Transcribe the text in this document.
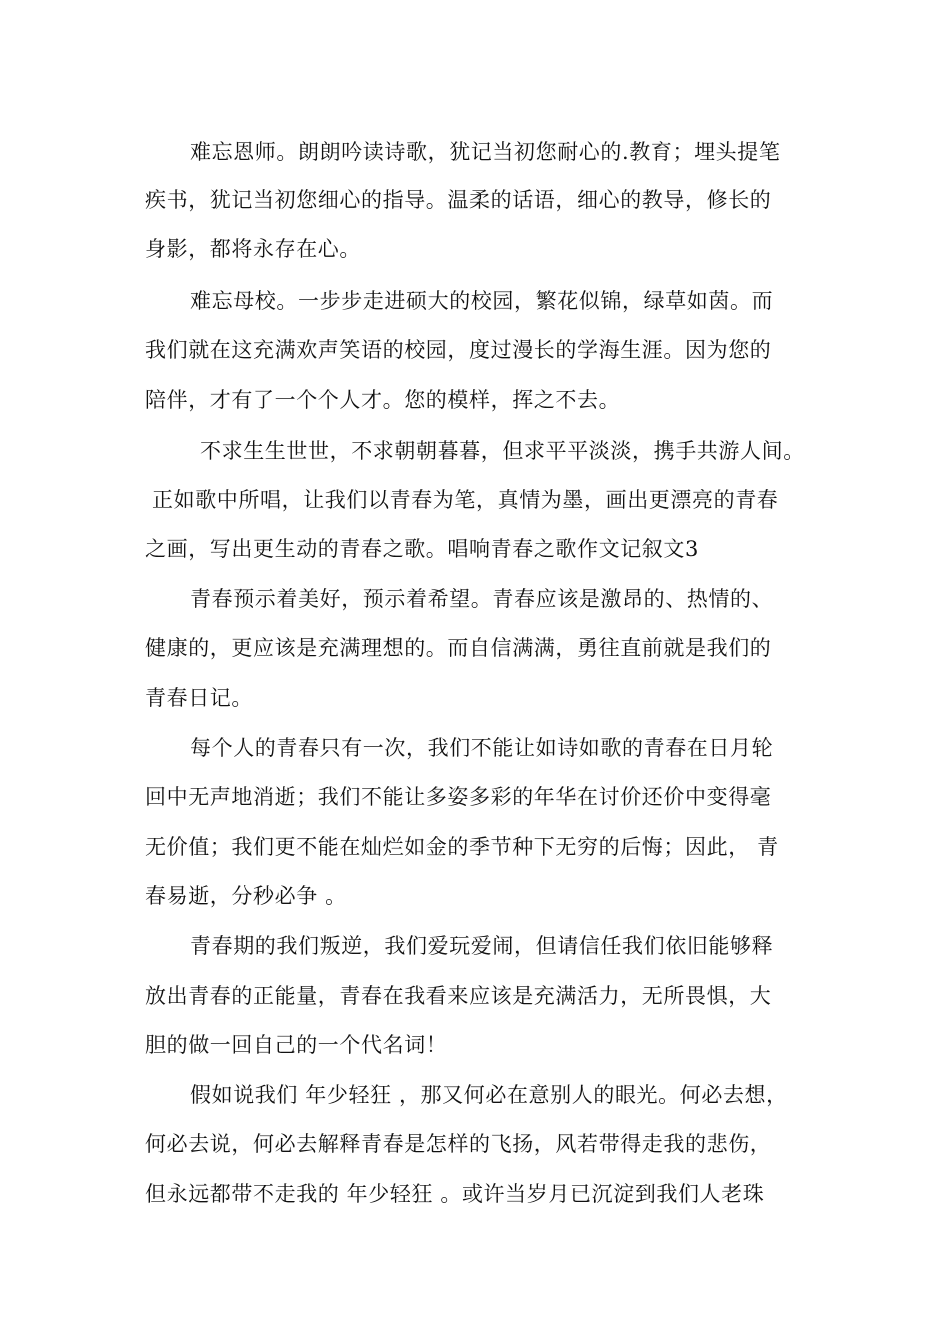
难忘恩师。朗朗吟读诗歌，犹记当初您耐心的.教育；埋头提笔
疾书，犹记当初您细心的指导。温柔的话语，细心的教导，修长的
身影，都将永存在心。
难忘母校。一步步走进硕大的校园，繁花似锦，绿草如茵。而
我们就在这充满欢声笑语的校园，度过漫长的学海生涯。因为您的
陪伴，才有了一个个人才。您的模样，挥之不去。
不求生生世世，不求朝朝暮暮，但求平平淡淡，携手共游人间。
正如歌中所唱，让我们以青春为笔，真情为墨，画出更漂亮的青春
之画，写出更生动的青春之歌。唱响青春之歌作文记叙文3
青春预示着美好，预示着希望。青春应该是激昂的、热情的、
健康的，更应该是充满理想的。而自信满满，勇往直前就是我们的
青春日记。
每个人的青春只有一次，我们不能让如诗如歌的青春在日月轮
回中无声地消逝；我们不能让多姿多彩的年华在讨价还价中变得毫
无价值；我们更不能在灿烂如金的季节种下无穷的后悔；因此， 青
春易逝，分秒必争 。
青春期的我们叛逆，我们爱玩爱闹，但请信任我们依旧能够释
放出青春的正能量，青春在我看来应该是充满活力，无所畏惧，大
胆的做一回自己的一个代名词！
假如说我们 年少轻狂 ，那又何必在意别人的眼光。何必去想，
何必去说，何必去解释青春是怎样的飞扬，风若带得走我的悲伤，
但永远都带不走我的 年少轻狂 。或许当岁月已沉淀到我们人老珠
